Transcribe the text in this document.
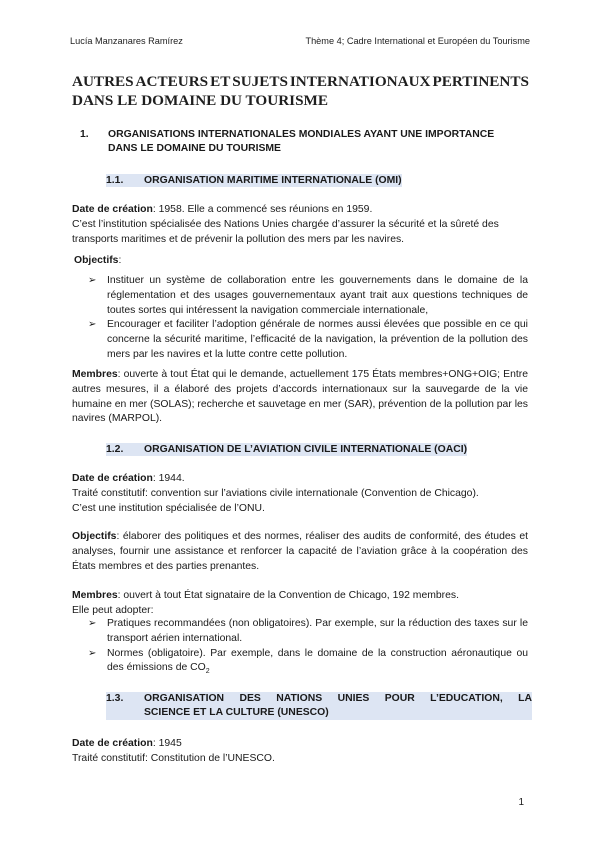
Lucía Manzanares Ramírez	Thème 4; Cadre International et Européen du Tourisme
AUTRES ACTEURS ET SUJETS INTERNATIONAUX PERTINENTS
DANS LE DOMAINE DU TOURISME
1. ORGANISATIONS INTERNATIONALES MONDIALES AYANT UNE IMPORTANCE
DANS LE DOMAINE DU TOURISME
1.1. ORGANISATION MARITIME INTERNATIONALE (OMI)
Date de création: 1958. Elle a commencé ses réunions en 1959.
C’est l’institution spécialisée des Nations Unies chargée d’assurer la sécurité et la sûreté des transports maritimes et de prévenir la pollution des mers par les navires.
Objectifs:
➢ Instituer un système de collaboration entre les gouvernements dans le domaine de la réglementation et des usages gouvernementaux ayant trait aux questions techniques de toutes sortes qui intéressent la navigation commerciale internationale,
➢ Encourager et faciliter l’adoption générale de normes aussi élevées que possible en ce qui concerne la sécurité maritime, l’efficacité de la navigation, la prévention de la pollution des mers par les navires et la lutte contre cette pollution.
Membres: ouverte à tout État qui le demande, actuellement 175 États membres+ONG+OIG; Entre autres mesures, il a élaboré des projets d’accords internationaux sur la sauvegarde de la vie humaine en mer (SOLAS); recherche et sauvetage en mer (SAR), prévention de la pollution par les navires (MARPOL).
1.2. ORGANISATION DE L’AVIATION CIVILE INTERNATIONALE (OACI)
Date de création: 1944.
Traité constitutif: convention sur l’aviations civile internationale (Convention de Chicago).
C’est une institution spécialisée de l’ONU.
Objectifs: élaborer des politiques et des normes, réaliser des audits de conformité, des études et analyses, fournir une assistance et renforcer la capacité de l’aviation grâce à la coopération des États membres et des parties prenantes.
Membres: ouvert à tout État signataire de la Convention de Chicago, 192 membres.
Elle peut adopter:
➢ Pratiques recommandées (non obligatoires). Par exemple, sur la réduction des taxes sur le transport aérien international.
➢ Normes (obligatoire). Par exemple, dans le domaine de la construction aéronautique ou des émissions de $CO_2$
1.3.	ORGANISATION DES NATIONS UNIES POUR L’EDUCATION, LA
SCIENCE ET LA CULTURE (UNESCO)
Date de création: 1945
Traité constitutif: Constitution de l’UNESCO.
1
